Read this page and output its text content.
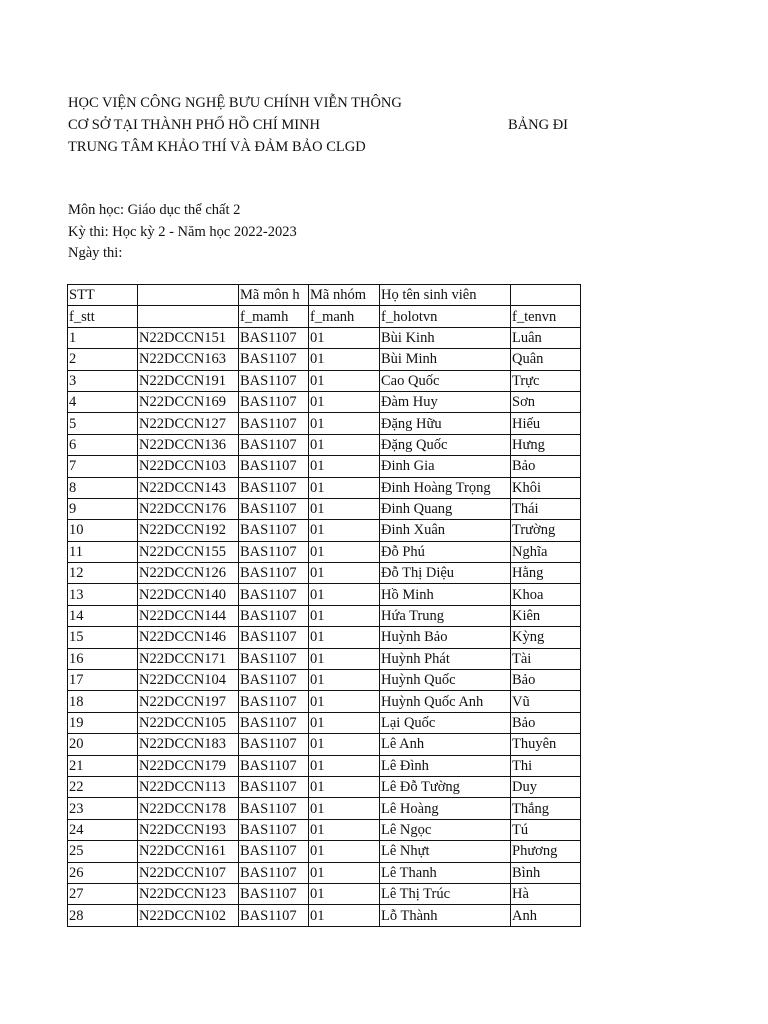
HỌC VIỆN CÔNG NGHỆ BƯU CHÍNH VIỄN THÔNG
CƠ SỞ TẠI THÀNH PHỐ HỒ CHÍ MINH
TRUNG TÂM KHẢO THÍ VÀ ĐẢM BẢO CLGD
BẢNG ĐI
Môn học: Giáo dục thể chất 2
Kỳ thi: Học kỳ 2 - Năm học 2022-2023
Ngày thi:
STT		Mã môn h	Mã nhóm	Họ tên sinh viên	
f_stt		f_mamh	f_manh	f_holotvn	f_tenvn
1	N22DCCN151	BAS1107	01	Bùi Kinh	Luân
2	N22DCCN163	BAS1107	01	Bùi Minh	Quân
3	N22DCCN191	BAS1107	01	Cao Quốc	Trực
4	N22DCCN169	BAS1107	01	Đàm Huy	Sơn
5	N22DCCN127	BAS1107	01	Đặng Hữu	Hiếu
6	N22DCCN136	BAS1107	01	Đặng Quốc	Hưng
7	N22DCCN103	BAS1107	01	Đinh Gia	Bảo
8	N22DCCN143	BAS1107	01	Đinh Hoàng Trọng	Khôi
9	N22DCCN176	BAS1107	01	Đinh Quang	Thái
10	N22DCCN192	BAS1107	01	Đinh Xuân	Trường
11	N22DCCN155	BAS1107	01	Đỗ Phú	Nghĩa
12	N22DCCN126	BAS1107	01	Đỗ Thị Diệu	Hằng
13	N22DCCN140	BAS1107	01	Hồ Minh	Khoa
14	N22DCCN144	BAS1107	01	Hứa Trung	Kiên
15	N22DCCN146	BAS1107	01	Huỳnh Bảo	Kỳng
16	N22DCCN171	BAS1107	01	Huỳnh Phát	Tài
17	N22DCCN104	BAS1107	01	Huỳnh Quốc	Bảo
18	N22DCCN197	BAS1107	01	Huỳnh Quốc Anh	Vũ
19	N22DCCN105	BAS1107	01	Lại Quốc	Bảo
20	N22DCCN183	BAS1107	01	Lê Anh	Thuyên
21	N22DCCN179	BAS1107	01	Lê Đình	Thi
22	N22DCCN113	BAS1107	01	Lê Đỗ Tường	Duy
23	N22DCCN178	BAS1107	01	Lê Hoàng	Thắng
24	N22DCCN193	BAS1107	01	Lê Ngọc	Tú
25	N22DCCN161	BAS1107	01	Lê Nhựt	Phương
26	N22DCCN107	BAS1107	01	Lê Thanh	Bình
27	N22DCCN123	BAS1107	01	Lê Thị Trúc	Hà
28	N22DCCN102	BAS1107	01	Lỗ Thành	Anh
